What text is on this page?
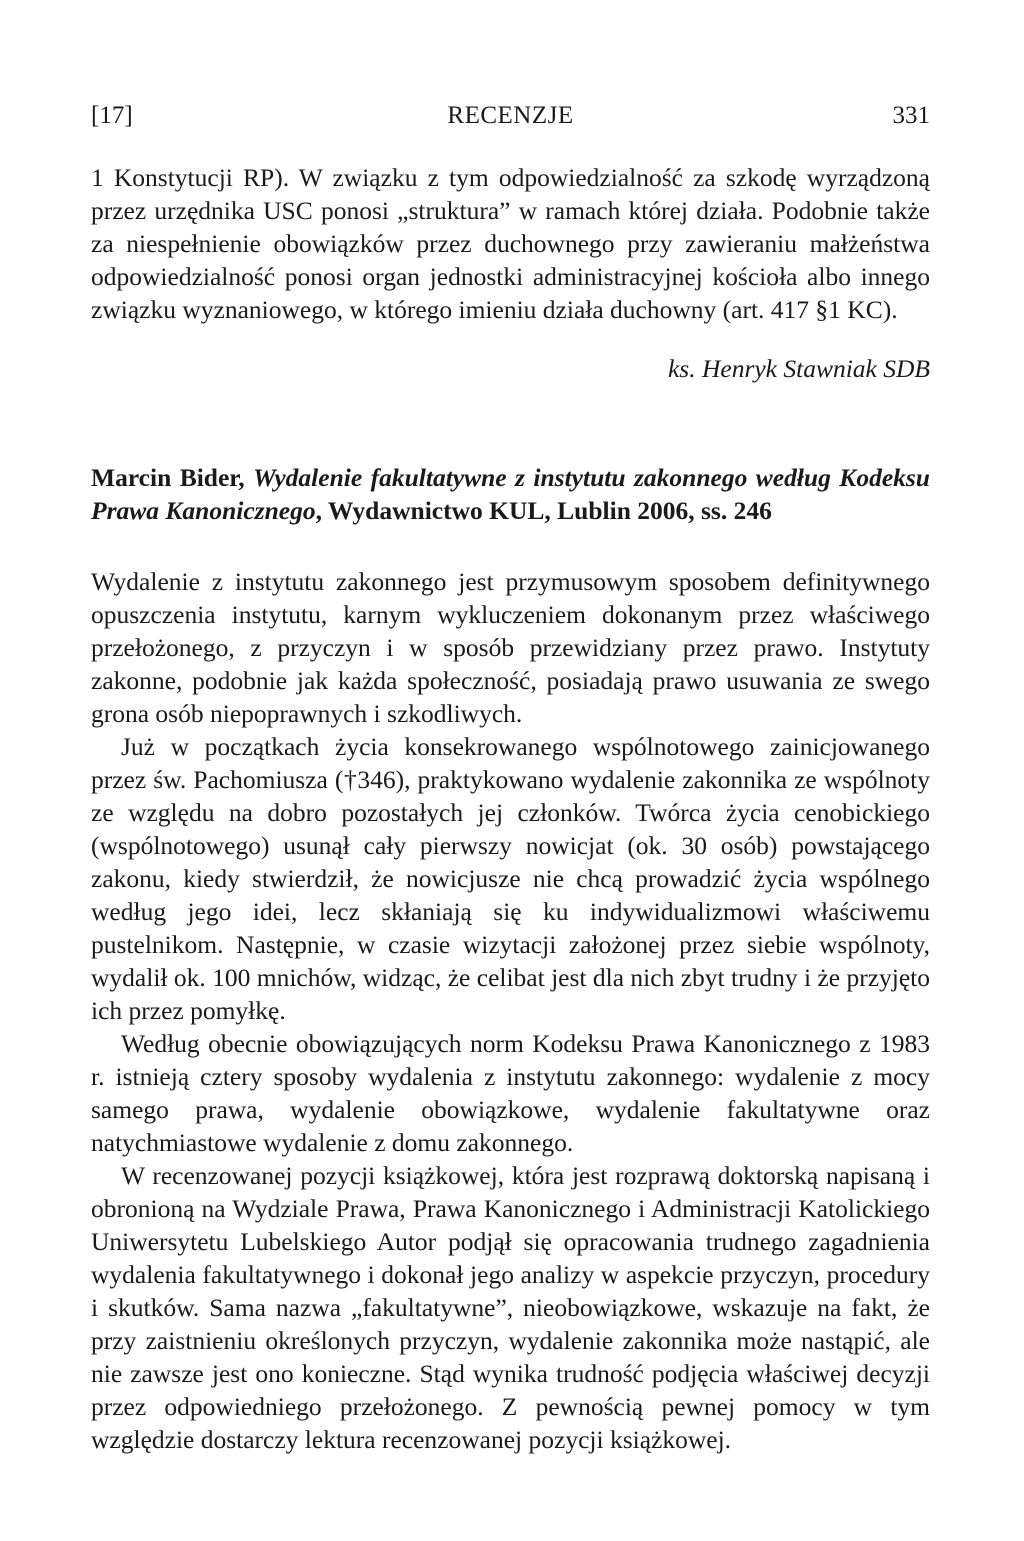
[17]	RECENZJE	331

1 Konstytucji RP). W związku z tym odpowiedzialność za szkodę wyrządzoną przez urzędnika USC ponosi „struktura” w ramach której działa. Podobnie także za niespełnienie obowiązków przez duchownego przy zawieraniu małżeństwa odpowiedzialność ponosi organ jednostki administracyjnej kościoła albo innego związku wyznaniowego, w którego imieniu działa duchowny (art. 417 §1 KC).

ks. Henryk Stawniak SDB

Marcin Bider, Wydalenie fakultatywne z instytutu zakonnego według Kodeksu Prawa Kanonicznego, Wydawnictwo KUL, Lublin 2006, ss. 246

Wydalenie z instytutu zakonnego jest przymusowym sposobem definitywnego opuszczenia instytutu, karnym wykluczeniem dokonanym przez właściwego przełożonego, z przyczyn i w sposób przewidziany przez prawo. Instytuty zakonne, podobnie jak każda społeczność, posiadają prawo usuwania ze swego grona osób niepoprawnych i szkodliwych.

Już w początkach życia konsekrowanego wspólnotowego zainicjowanego przez św. Pachomiusza (†346), praktykowano wydalenie zakonnika ze wspólnoty ze względu na dobro pozostałych jej członków. Twórca życia cenobickiego (wspólnotowego) usunął cały pierwszy nowicjat (ok. 30 osób) powstającego zakonu, kiedy stwierdził, że nowicjusze nie chcą prowadzić życia wspólnego według jego idei, lecz skłaniają się ku indywidualizmowi właściwemu pustelnikom. Następnie, w czasie wizytacji założonej przez siebie wspólnoty, wydalił ok. 100 mnichów, widząc, że celibat jest dla nich zbyt trudny i że przyjęto ich przez pomyłkę.

Według obecnie obowiązujących norm Kodeksu Prawa Kanonicznego z 1983 r. istnieją cztery sposoby wydalenia z instytutu zakonnego: wydalenie z mocy samego prawa, wydalenie obowiązkowe, wydalenie fakultatywne oraz natychmiastowe wydalenie z domu zakonnego.

W recenzowanej pozycji książkowej, która jest rozprawą doktorską napisaną i obronioną na Wydziale Prawa, Prawa Kanonicznego i Administracji Katolickiego Uniwersytetu Lubelskiego Autor podjął się opracowania trudnego zagadnienia wydalenia fakultatywnego i dokonał jego analizy w aspekcie przyczyn, procedury i skutków. Sama nazwa „fakultatywne”, nieobowiązkowe, wskazuje na fakt, że przy zaistnieniu określonych przyczyn, wydalenie zakonnika może nastąpić, ale nie zawsze jest ono konieczne. Stąd wynika trudność podjęcia właściwej decyzji przez odpowiedniego przełożonego. Z pewnością pewnej pomocy w tym względzie dostarczy lektura recenzowanej pozycji książkowej.
